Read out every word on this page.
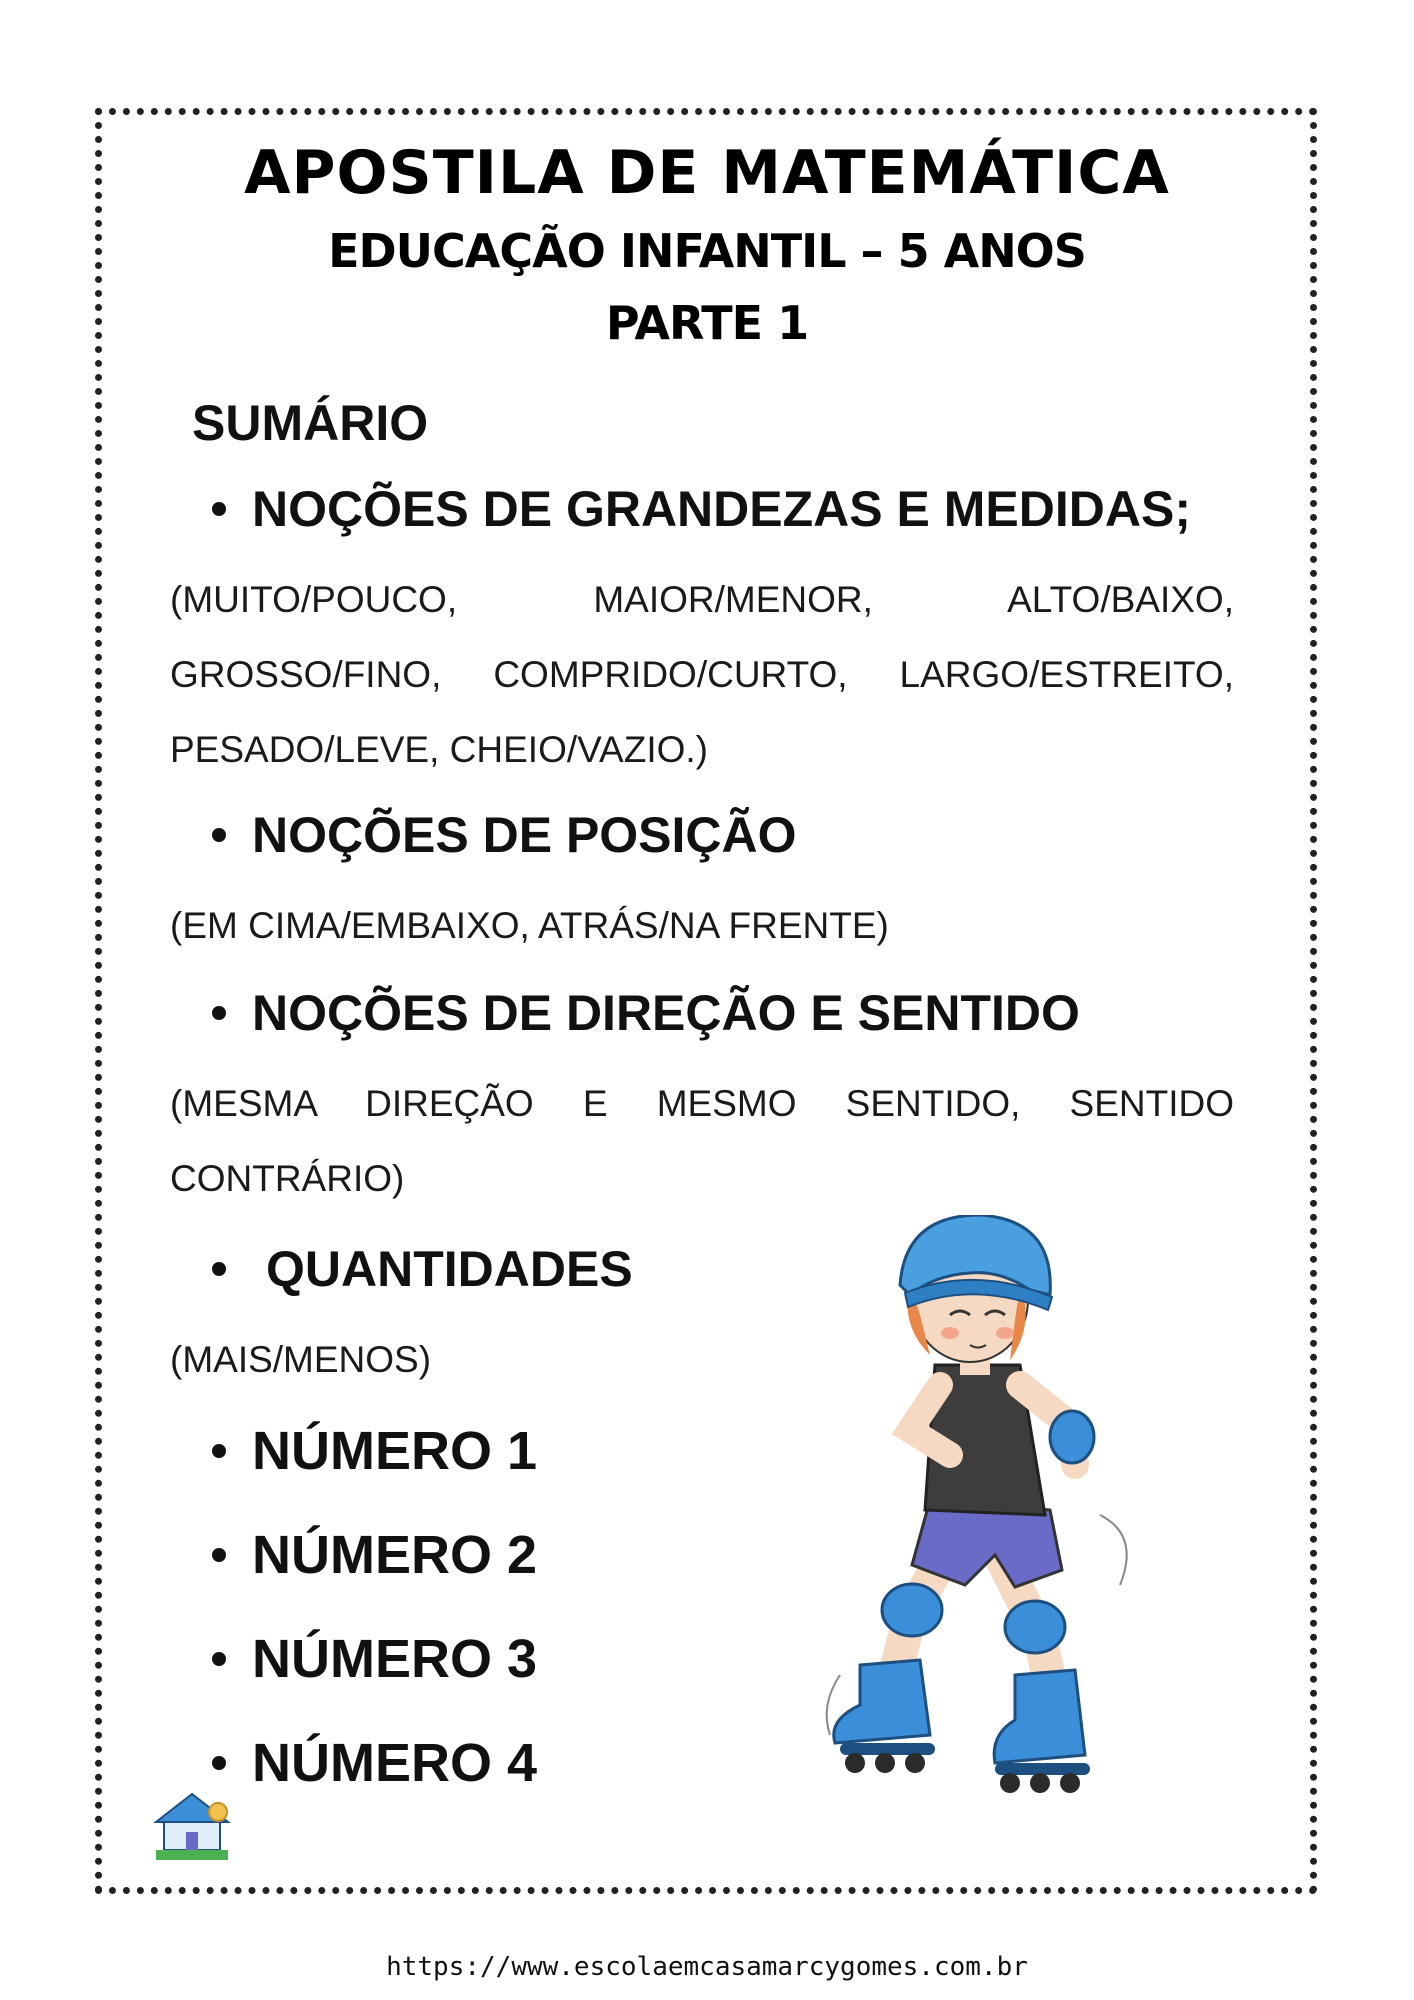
APOSTILA DE MATEMÁTICA
EDUCAÇÃO INFANTIL – 5 ANOS
PARTE 1
SUMÁRIO

NOÇÕES DE GRANDEZAS E MEDIDAS;

(MUITO/POUCO, MAIOR/MENOR, ALTO/BAIXO, GROSSO/FINO, COMPRIDO/CURTO, LARGO/ESTREITO, PESADO/LEVE, CHEIO/VAZIO.)

NOÇÕES DE POSIÇÃO

(EM CIMA/EMBAIXO, ATRÁS/NA FRENTE)

NOÇÕES DE DIREÇÃO E SENTIDO

(MESMA DIREÇÃO E MESMO SENTIDO, SENTIDO CONTRÁRIO)

QUANTIDADES

(MAIS/MENOS)

NÚMERO 1

NÚMERO 2

NÚMERO 3

NÚMERO 4

https://www.escolaemcasamarcygomes.com.br
